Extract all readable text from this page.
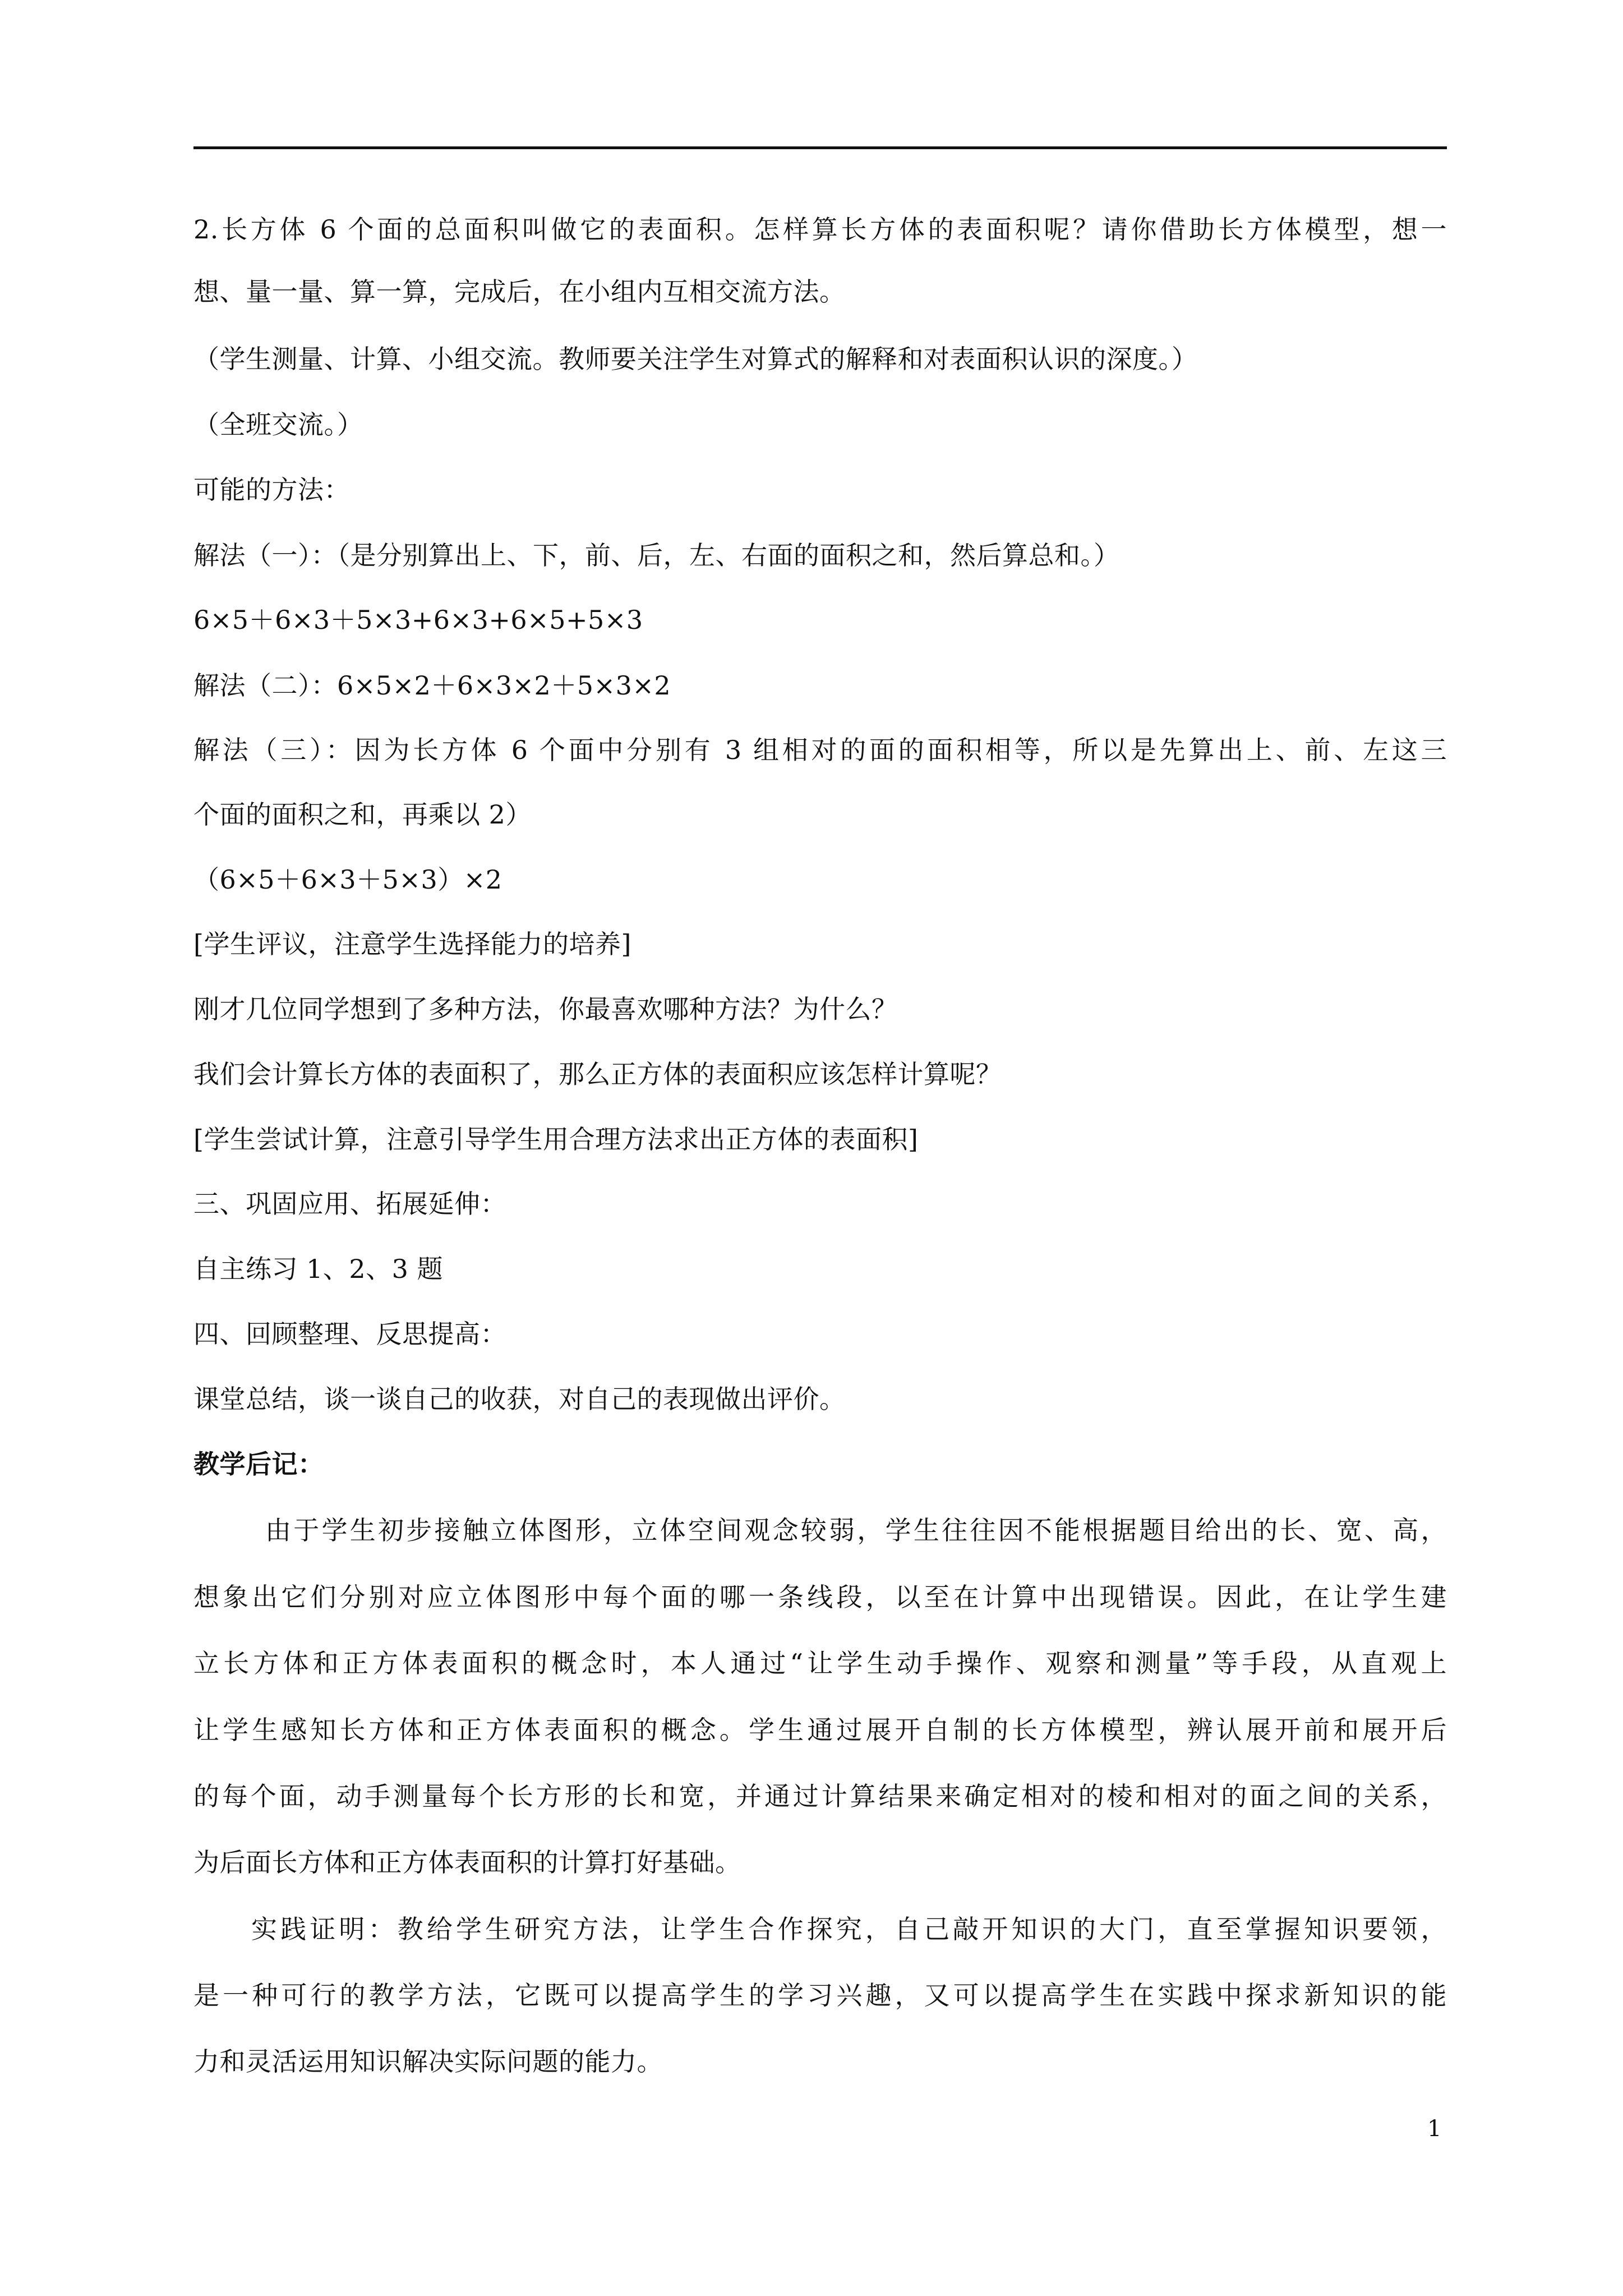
2.长方体 6 个面的总面积叫做它的表面积。怎样算长方体的表面积呢？请你借助长方体模型，想一
想、量一量、算一算，完成后，在小组内互相交流方法。
（学生测量、计算、小组交流。教师要关注学生对算式的解释和对表面积认识的深度。）
（全班交流。）
可能的方法：
解法（一）：（是分别算出上、下，前、后，左、右面的面积之和，然后算总和。）
6×5＋6×3＋5×3+6×3+6×5+5×3
解法（二）：6×5×2＋6×3×2＋5×3×2
解法（三）：因为长方体 6 个面中分别有 3 组相对的面的面积相等，所以是先算出上、前、左这三
个面的面积之和，再乘以 2）
（6×5＋6×3＋5×3）×2
[学生评议，注意学生选择能力的培养]
刚才几位同学想到了多种方法，你最喜欢哪种方法？为什么？
我们会计算长方体的表面积了，那么正方体的表面积应该怎样计算呢？
[学生尝试计算，注意引导学生用合理方法求出正方体的表面积]
三、巩固应用、拓展延伸：
自主练习 1、2、3 题
四、回顾整理、反思提高：
课堂总结，谈一谈自己的收获，对自己的表现做出评价。
教学后记：
由于学生初步接触立体图形，立体空间观念较弱，学生往往因不能根据题目给出的长、宽、高，
想象出它们分别对应立体图形中每个面的哪一条线段，以至在计算中出现错误。因此，在让学生建
立长方体和正方体表面积的概念时，本人通过“让学生动手操作、观察和测量”等手段，从直观上
让学生感知长方体和正方体表面积的概念。学生通过展开自制的长方体模型，辨认展开前和展开后
的每个面，动手测量每个长方形的长和宽，并通过计算结果来确定相对的棱和相对的面之间的关系，
为后面长方体和正方体表面积的计算打好基础。
实践证明：教给学生研究方法，让学生合作探究，自己敲开知识的大门，直至掌握知识要领，
是一种可行的教学方法，它既可以提高学生的学习兴趣，又可以提高学生在实践中探求新知识的能
力和灵活运用知识解决实际问题的能力。
1
